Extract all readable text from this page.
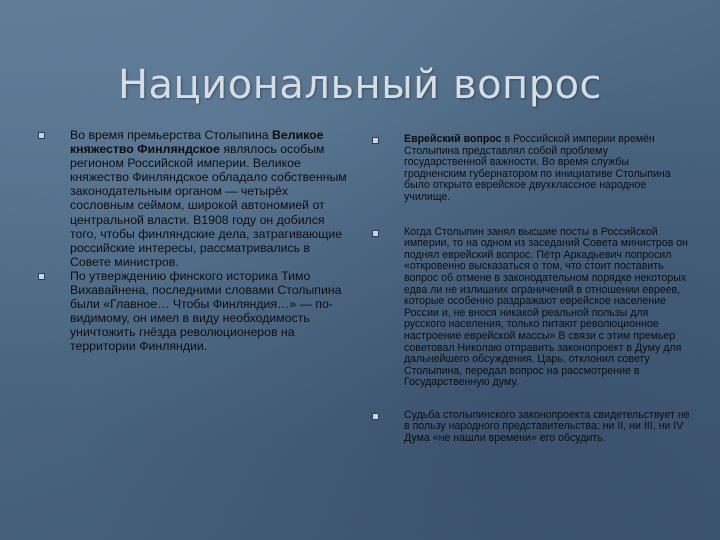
Национальный вопрос
Во время премьерства Столыпина Великое княжество Финляндское являлось особым регионом Российской империи. Великое княжество Финляндское обладало собственным законодательным органом — четырёх сословным сеймом, широкой автономией от центральной власти. В1908 году он добился того, чтобы финляндские дела, затрагивающие российские интересы, рассматривались в Совете министров.
По утверждению финского историка Тимо Вихавайнена, последними словами Столыпина были «Главное… Чтобы Финляндия…» — по-видимому, он имел в виду необходимость уничтожить гнёзда революционеров на территории Финляндии.
Еврейский вопрос в Российской империи времён Столыпина представлял собой проблему государственной важности. Во время службы гродненским губернатором по инициативе Столыпина было открыто еврейское двухклассное народное училище.
Когда Столыпин занял высшие посты в Российской империи, то на одном из заседаний Совета министров он поднял еврейский вопрос. Пётр Аркадьевич попросил «откровенно высказаться о том, что стоит поставить вопрос об отмене в законодательном порядке некоторых едва ли не излишних ограничений в отношении евреев, которые особенно раздражают еврейское население России и, не внося никакой реальной пользы для русского населения, только питают революционное настроение еврейской массы» В связи с этим премьер советовал Николаю отправить законопроект в Думу для дальнейшего обсуждения. Царь, отклонил совету Столыпина, передал вопрос на рассмотрение в Государственную думу.
Судьба столыпинского законопроекта свидетельствует не в пользу народного представительства: ни II, ни III, ни IV Дума «не нашли времени» его обсудить.
